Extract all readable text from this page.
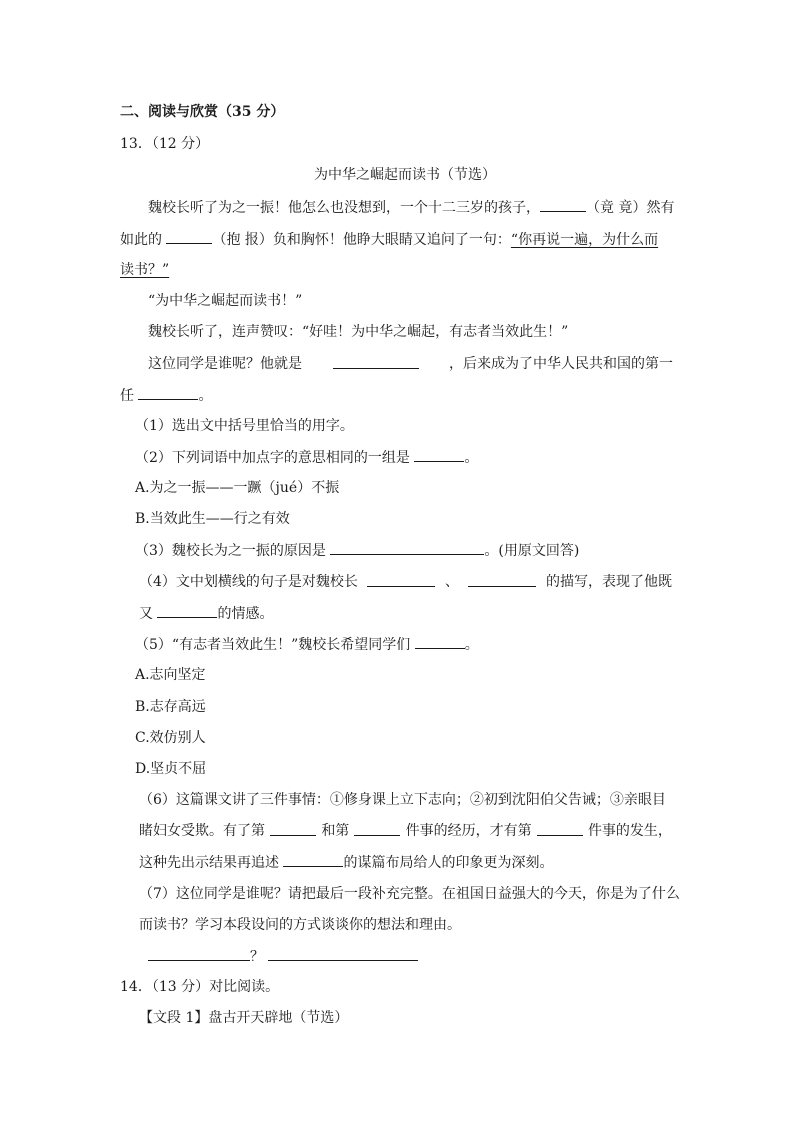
二、阅读与欣赏（35 分）
13．（12 分）
为中华之崛起而读书（节选）
魏校长听了为之一振！他怎么也没想到，一个十二三岁的孩子，	（竟 竟）然有
如此的	（抱 报）负和胸怀！他睁大眼睛又追问了一句：“你再说一遍，为什么而
读书？”
“为中华之崛起而读书！”
魏校长听了，连声赞叹：“好哇！为中华之崛起，有志者当效此生！”
这位同学是谁呢？他就是	，后来成为了中华人民共和国的第一
任	。
（1）选出文中括号里恰当的用字。
（2）下列词语中加点字的意思相同的一组是	。
A.为之一振——一蹶（jué）不振
B.当效此生——行之有效
（3）魏校长为之一振的原因是	。(用原文回答)
（4）文中划横线的句子是对魏校长	、	的描写，表现了他既
又	的情感。
（5）“有志者当效此生！”魏校长希望同学们	。
A.志向坚定
B.志存高远
C.效仿别人
D.坚贞不屈
（6）这篇课文讲了三件事情：①修身课上立下志向；②初到沈阳伯父告诫；③亲眼目
睹妇女受欺。有了第	和第	件事的经历，才有第	件事的发生，
这种先出示结果再追述	的谋篇布局给人的印象更为深刻。
（7）这位同学是谁呢？请把最后一段补充完整。在祖国日益强大的今天，你是为了什么
而读书？学习本段设问的方式谈谈你的想法和理由。
？
14．（13 分）对比阅读。
【文段 1】盘古开天辟地（节选）
